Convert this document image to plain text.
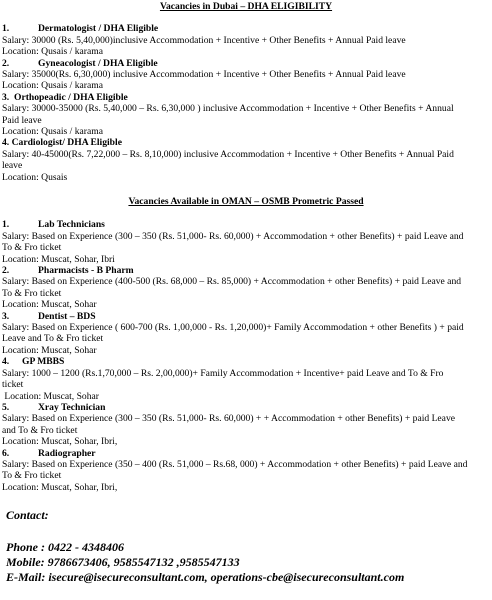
Vacancies in Dubai – DHA ELIGIBILITY

1.	Dermatologist / DHA Eligible
Salary: 30000 (Rs. 5,40,000)inclusive Accommodation + Incentive + Other Benefits + Annual Paid leave
Location: Qusais / karama
2.	Gyneacologist / DHA Eligible
Salary: 35000(Rs. 6,30,000) inclusive Accommodation + Incentive + Other Benefits + Annual Paid leave
Location: Qusais / karama
3. Orthopeadic / DHA Eligible
Salary: 30000-35000 (Rs. 5,40,000 – Rs. 6,30,000 ) inclusive Accommodation + Incentive + Other Benefits + Annual
Paid leave
Location: Qusais / karama
4. Cardiologist/ DHA Eligible
Salary: 40-45000(Rs. 7,22,000 – Rs. 8,10,000) inclusive Accommodation + Incentive + Other Benefits + Annual Paid
leave
Location: Qusais

Vacancies Available in OMAN – OSMB Prometric Passed

1.	Lab Technicians
Salary: Based on Experience (300 – 350 (Rs. 51,000- Rs. 60,000) + Accommodation + other Benefits) + paid Leave and
To & Fro ticket
Location: Muscat, Sohar, Ibri
2.	Pharmacists - B Pharm
Salary: Based on Experience (400-500 (Rs. 68,000 – Rs. 85,000) + Accommodation + other Benefits) + paid Leave and
To & Fro ticket
Location: Muscat, Sohar
3.	Dentist – BDS
Salary: Based on Experience ( 600-700 (Rs. 1,00,000 - Rs. 1,20,000)+ Family Accommodation + other Benefits ) + paid
Leave and To & Fro ticket
Location: Muscat, Sohar
4. GP MBBS
Salary: 1000 – 1200 (Rs.1,70,000 – Rs. 2,00,000)+ Family Accommodation + Incentive+ paid Leave and To & Fro
ticket
Location: Muscat, Sohar
5.	Xray Technician
Salary: Based on Experience (300 – 350 (Rs. 51,000- Rs. 60,000) + + Accommodation + other Benefits) + paid Leave
and To & Fro ticket
Location: Muscat, Sohar, Ibri,
6.	Radiographer
Salary: Based on Experience (350 – 400 (Rs. 51,000 – Rs.68, 000) + Accommodation + other Benefits) + paid Leave and
To & Fro ticket
Location: Muscat, Sohar, Ibri,
Contact:
Phone : 0422 - 4348406
Mobile: 9786673406, 9585547132 ,9585547133
E-Mail: isecure@isecureconsultant.com, operations-cbe@isecureconsultant.com
